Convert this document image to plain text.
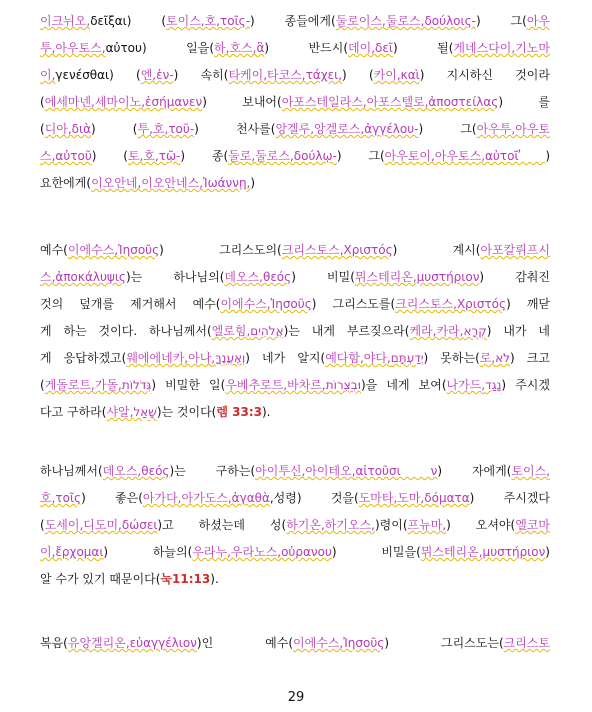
이크뉘오,δεῖξαι) (토이스,호,τοῖς-) 종들에게(둘로이스,둘로스,δούλοις-) 그(아우
투,아우토스,αὐτου) 일을(하,호스,ἃ) 반드시(데이,δεῖ) 될(게네스다이,기노마
이,γενέσθαι) (엔,ἐν-) 속히(타케이,타코스,τάχει,) (카이,καὶ) 지시하신 것이라
(에세마넨,세마이노,ἐσήμανεν) 보내어(아포스테일라스,아포스텔로,ἀποστείλας) 를
(디아,διὰ) (투,호,τοῦ-) 천사를(앙겔루,앙겔로스,ἀγγέλου-) 그(아우투,아우토
스,αὐτοῦ) (토,호,τῷ-) 종(둘로,둘로스,δούλῳ-) 그(아우토이,아우토스,αὐτοῖ ̓)
요한에게(이오안네,이오안네스,Ἰωάννῃ,)
예수(이에수스,Ἰησοῦς) 그리스도의(크리스토스,Χριστός) 계시(아포칼뤼프시
스,ἀποκάλυψις)는 하나님의(데오스,θεός) 비밀(뮈스테리온,μυστήριον) 감춰진
것의 덮개를 제거해서 예수(이에수스,Ἰησοῦς) 그리스도를(크리스토스,Χριστός) 깨닫
게 하는 것이다. 하나님께서(엘로힘,אֱלֹהִים)는 내게 부르짖으라(케라,카라,קְרָא) 내가 네
게 응답하겠고(웨에에네카,아나,וְאֶעֱנֶךָּ) 네가 알지(예다함,야다,יְדַעְתָּם) 못하는(로,לֹא) 크고
(게돌로트,가돌,גְּדֹלוֹת) 비밀한 일(우베추로트,바차르,וּבְצֻרוֹת)을 네게 보여(나가드,נָגַד) 주시겠
다고 구하라(샤알,שָׁאַל)는 것이다(렘 33:3).
하나님께서(데오스,θεός)는 구하는(아이투신,아이테오,αἰτοῦσι ν) 자에게(토이스,
호,τοῖς) 좋은(아가다,아가도스,ἀγαθὰ,성령) 것을(도마타,도마,δόματα) 주시겠다
(도세이,디도미,δώσει)고 하셨는데 성(하기온,하기오스,)령이(프뉴마,) 오셔야(엘코마
이,ἔρχομαι) 하늘의(우라누,우라노스,οὐρανου) 비밀을(뮈스테리온,μυστήριον)
알 수가 있기 때문이다(눅11:13).
복음(유앙겔리온,εὐαγγέλιον)인 예수(이에수스,Ἰησοῦς) 그리스도는(크리스토
29
